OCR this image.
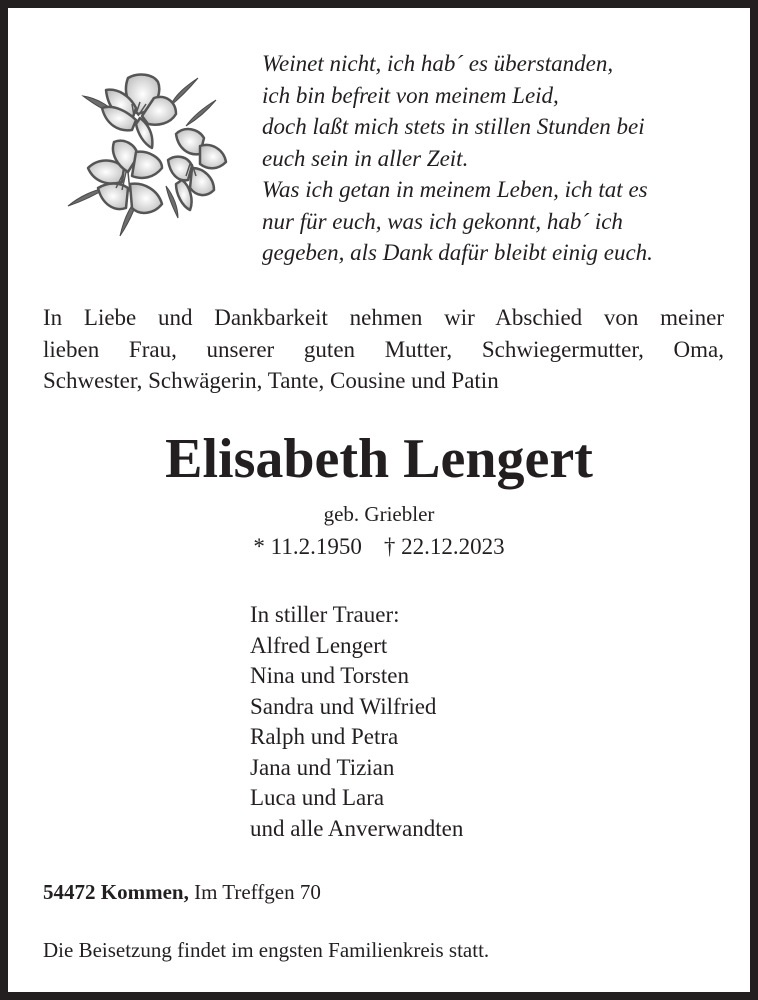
Weinet nicht, ich hab´ es überstanden,
ich bin befreit von meinem Leid,
doch laßt mich stets in stillen Stunden bei
euch sein in aller Zeit.
Was ich getan in meinem Leben, ich tat es
nur für euch, was ich gekonnt, hab´ ich
gegeben, als Dank dafür bleibt einig euch.
In Liebe und Dankbarkeit nehmen wir Abschied von meiner
lieben Frau, unserer guten Mutter, Schwiegermutter, Oma,
Schwester, Schwägerin, Tante, Cousine und Patin
Elisabeth Lengert
geb. Griebler
* 11.2.1950 † 22.12.2023
In stiller Trauer:
Alfred Lengert
Nina und Torsten
Sandra und Wilfried
Ralph und Petra
Jana und Tizian
Luca und Lara
und alle Anverwandten
54472 Kommen, Im Treffgen 70
Die Beisetzung findet im engsten Familienkreis statt.
